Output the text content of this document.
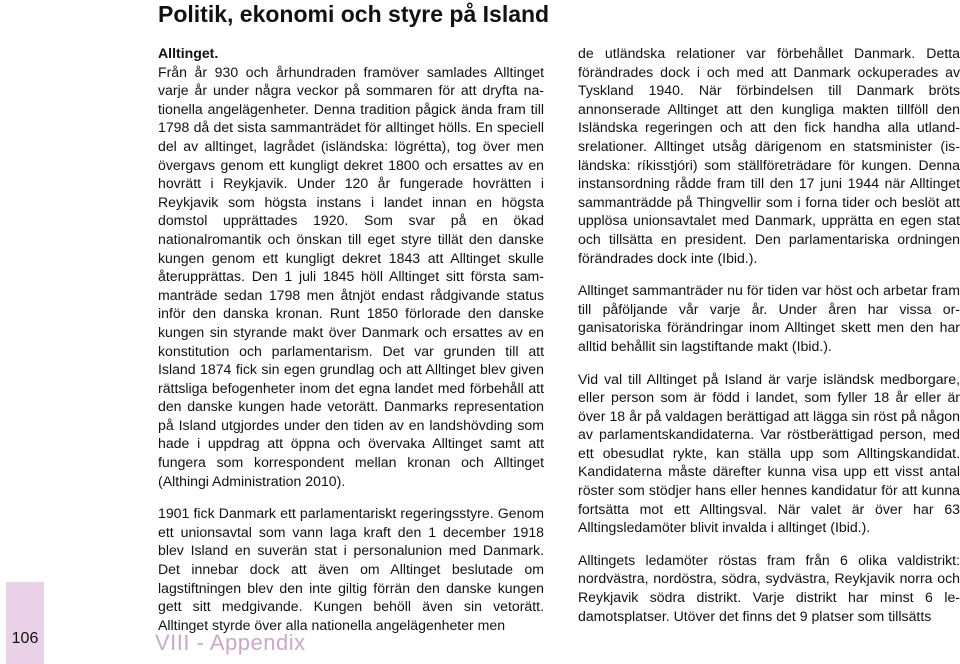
Politik, ekonomi och styre på Island

Alltinget.
Från år 930 och århundraden framöver samlades Alltinget varje år under några veckor på sommaren för att dryfta nationella angelägenheter. Denna tradition pågick ända fram till 1798 då det sista sammanträdet för alltinget hölls. En speciell del av alltinget, lagrådet (isländska: lögrétta), tog över men övergavs genom ett kungligt dekret 1800 och ersattes av en hovrätt i Reykjavik. Under 120 år fungerade hovrätten i Reykjavik som högsta instans i landet innan en högsta domstol upprättades 1920. Som svar på en ökad nationalromantik och önskan till eget styre tillät den danske kungen genom ett kungligt dekret 1843 att Alltinget skulle återupprättas. Den 1 juli 1845 höll Alltinget sitt första sammanträde sedan 1798 men åtnjöt endast rådgivande status inför den danska kronan. Runt 1850 förlorade den danske kungen sin styrande makt över Danmark och ersattes av en konstitution och parlamentarism. Det var grunden till att Island 1874 fick sin egen grundlag och att Alltinget blev given rättsliga befogenheter inom det egna landet med förbehåll att den danske kungen hade vetorätt. Danmarks representation på Island utgjordes under den tiden av en landshövding som hade i uppdrag att öppna och övervaka Alltinget samt att fungera som korrespondent mellan kronan och Alltinget (Althingi Administration 2010).

1901 fick Danmark ett parlamentariskt regeringsstyre. Genom ett unionsavtal som vann laga kraft den 1 december 1918 blev Island en suverän stat i personalunion med Danmark. Det innebar dock att även om Alltinget beslutade om lagstiftningen blev den inte giltig förrän den danske kungen gett sitt medgivande. Kungen behöll även sin vetorätt. Alltinget styrde över alla nationella angelägenheter men

de utländska relationer var förbehållet Danmark. Detta förändrades dock i och med att Danmark ockuperades av Tyskland 1940. När förbindelsen till Danmark bröts annonserade Alltinget att den kungliga makten tillföll den Isländska regeringen och att den fick handha alla utlandsrelationer. Alltinget utsåg därigenom en statsminister (isländska: ríkisstjóri) som ställföreträdare för kungen. Denna instansordning rådde fram till den 17 juni 1944 när Alltinget sammanträdde på Thingvellir som i forna tider och beslöt att upplösa unionsavtalet med Danmark, upprätta en egen stat och tillsätta en president. Den parlamentariska ordningen förändrades dock inte (Ibid.).

Alltinget sammanträder nu för tiden var höst och arbetar fram till påföljande vår varje år. Under åren har vissa organisatoriska förändringar inom Alltinget skett men den har alltid behållit sin lagstiftande makt (Ibid.).

Vid val till Alltinget på Island är varje isländsk medborgare, eller person som är född i landet, som fyller 18 år eller är över 18 år på valdagen berättigad att lägga sin röst på någon av parlamentskandidaterna. Var röstberättigad person, med ett obesudlat rykte, kan ställa upp som Alltingskandidat. Kandidaterna måste därefter kunna visa upp ett visst antal röster som stödjer hans eller hennes kandidatur för att kunna fortsätta mot ett Alltingsval. När valet är över har 63 Alltingsledamöter blivit invalda i alltinget (Ibid.).

Alltingets ledamöter röstas fram från 6 olika valdistrikt: nordvästra, nordöstra, södra, sydvästra, Reykjavik norra och Reykjavik södra distrikt. Varje distrikt har minst 6 ledamotsplatser. Utöver det finns det 9 platser som tillsätts

106	VIII - Appendix
